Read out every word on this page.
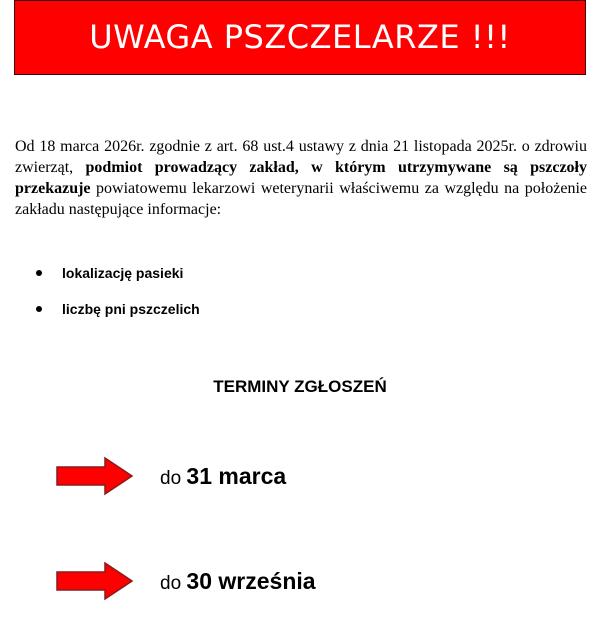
UWAGA PSZCZELARZE !!!

Od 18 marca 2026r. zgodnie z art. 68 ust.4 ustawy z dnia 21 listopada 2025r. o zdrowiu zwierząt, podmiot prowadzący zakład, w którym utrzymywane są pszczoły przekazuje powiatowemu lekarzowi weterynarii właściwemu za względu na położenie zakładu następujące informacje:

lokalizację pasieki
liczbę pni pszczelich
TERMINY ZGŁOSZEŃ
do 31 marca
do 30 września
